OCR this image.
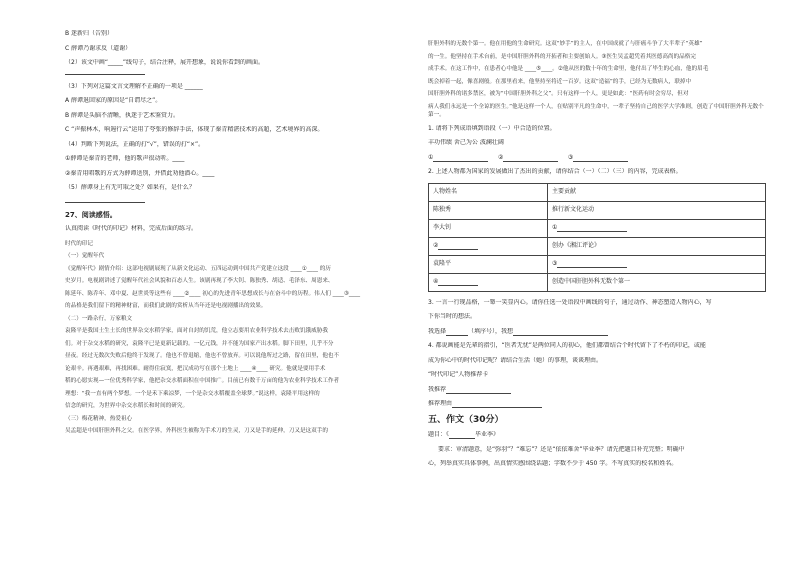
B 迷新归（告别）
C 薛谭乃谢求反（道谢）
（2）该文中画“_____”线句子，结合注释，展开想象，说说你看到的画面。
（3）下列对这篇文言文理解不正确的一项是 ______
A 薛谭退回家的原因是“自谓尽之”。
B 薛谭是头脑不清晰，执迷于艺术鉴赏力。
C “声振林木，响遏行云”运用了夸张的修辞手法，体现了秦青精湛技术的高超，艺术境界的高深。
（4）判断下列说法，正确的打“√”，错误的打“×”。
①薛谭是秦青的老师，他的歌声很动听。____
②秦青用唱歌的方式为薛谭送别，并借此劝他潜心。____
（5）薛谭身上有无可取之处？如果有，是什么？
27、阅读感悟。
认真阅读《时代的印记》材料，完成后面的练习。
时代的印记
（一）觉醒年代
《觉醒年代》剧情介绍：这部电视剧展现了从新文化运动、五四运动到中国共产党建立这段 ____①____ 的历
史岁月。电视剧讲述了觉醒年代社会风貌和百态人生。该剧再现了李大钊、陈独秀、胡适、毛泽东、周恩来、
陈延年、陈乔年、邓中夏、赵世炎等这些有 ____②____ 初心的先进青年思想成长与在奋斗中的历程。伟人们 ____③____
的品格是我们留下的精神财富，而我们此剧的赏析从当年还是电视剧播出的效果。
（二）一路杂行，万家粮文
袁隆平是我国土生土长的世界杂交水稻学家，面对自封的饥荒，他立志要用农业科学技术去击败饥饿威胁我
们。对于杂交水稻的研究，袁隆平已是更新记载的。一亿元钱，并不能为国家产出水稻。脚下田里，几乎不分
昼夜。经过无数次失败后他终于发现了。他也不曾退缩，他也不曾放弃。可以说他所过之路，留在田里，他也不
论艰辛。再遇艰难，再找困难。耐得住寂寞，把汉成功写在那个土地上 ____④____ 研究。他就是要用手术
稻的心愿实现—一位优秀科学家，他把杂交水稻面积在中国推广。目前已有数千万亩的他为农业科学技术工作者
理想：“我一直有两个梦想。一个是禾下乘凉梦，一个是杂交水稻覆盖全球梦。”说这样，袁隆平用这样的
信念的研究，为世界中杂交水稻长和时间的研究。
（三）梅花精神，热爱祖心
吴孟超是中国肝胆外科之父。在医学界，外科医生被称为手术刀的生灵，刀又是手的延伸，刀又是这双手的
肝胆外科的无数个第一。他在用他的生命研究。这双“妙手”的主人，在中国成就了与肝癌斗争了大半辈子“英雄”
的一生。他坚持在手术台前，是中国肝胆外科的开拓者和主要创始人。③医生吴孟超凭着其医德高尚的品格完
成手术。在这工作中，在患者心中他是 ____⑤____。②他从医的数十年的生命里，他付出了毕生的心血，他的眉毛
既会掉着一起，像喜剧般。在那里看来，他坚持至将近一百岁。这双“造福”的手，已经为无数病人，联掉中
国肝胆外科的诸多禁区，被为“中国肝胆外科之父”。只有这样一个人，更是如此：“医药有时会穷尽，但对
病人我们永远是一个全谅的医生。”他是这样一个人，在贴别平凡的生命中，一辈子坚持自己的医学大学准则，创造了中国肝胆外科无数个第一。
1. 请将下列成语填到语段（一）中合适的位置。
丰功伟绩 舍己为公 波澜壮阔
①	②	③
2. 上述人物都为国家的发展做出了杰出的贡献，请你结合（一）（二）（三）的内容，完成表格。
人物姓名	主要贡献
陈独秀	推行新文化运动
李大钊	①
②	创办《湘江评论》
袁隆平	③
④	创造中国肝胆外科无数个第一
3. 一言一行现品格，一颦一笑显内心。请你任选一处语段中画线的句子，通过动作、神态塑造人物内心，写
下你当时的想法。
我选择	（填序号），我想
4. 都说画能是先辈的指引，“医者无忧”是两位同人的初心，他们都曾结合个时代留下了不朽的印记，或能
成为你心中的时代印记呢？请结合生活（她）的事理，谈谈理由。
“时代印记”人物推荐卡
我推荐
推荐理由
五、作文（30分）
题目：《	毕业季》
要求：审清题意，是“弥羽”？“难忘”？还是“依依难舍”毕业季？请先把题目补充完整；明确中
心，列举真实具体事例，出真情实感围绕话题；字数不少于 450 字。不写真实的校名和姓名。
